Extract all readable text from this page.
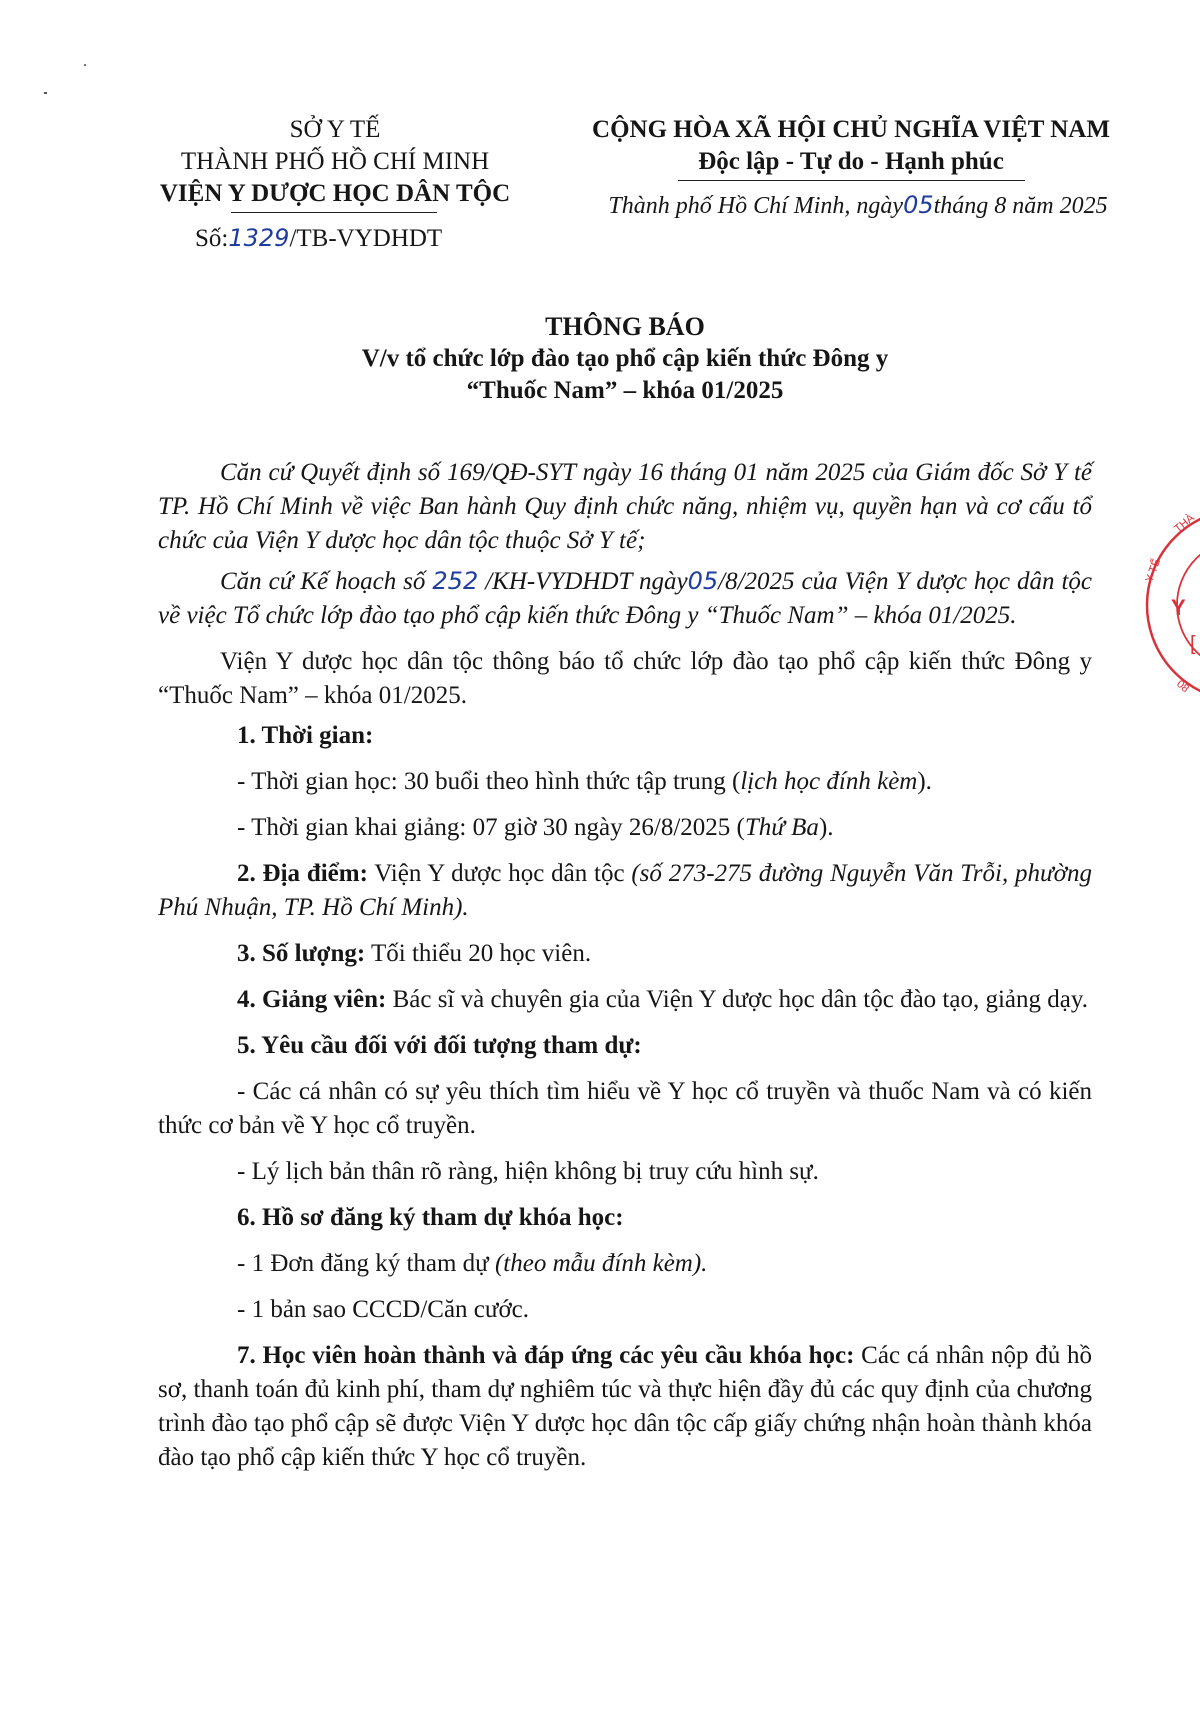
SỞ Y TẾ
THÀNH PHỐ HỒ CHÍ MINH
VIỆN Y DƯỢC HỌC DÂN TỘC
Số:1329/TB-VYDHDT
CỘNG HÒA XÃ HỘI CHỦ NGHĨA VIỆT NAM
Độc lập - Tự do - Hạnh phúc
Thành phố Hồ Chí Minh, ngày05tháng 8 năm 2025
THÔNG BÁO
V/v tổ chức lớp đào tạo phổ cập kiến thức Đông y
“Thuốc Nam” – khóa 01/2025
Căn cứ Quyết định số 169/QĐ-SYT ngày 16 tháng 01 năm 2025 của Giám đốc Sở Y tế TP. Hồ Chí Minh về việc Ban hành Quy định chức năng, nhiệm vụ, quyền hạn và cơ cấu tổ chức của Viện Y dược học dân tộc thuộc Sở Y tế;
Căn cứ Kế hoạch số 252 /KH-VYDHDT ngày05/8/2025 của Viện Y dược học dân tộc về việc Tổ chức lớp đào tạo phổ cập kiến thức Đông y “Thuốc Nam” – khóa 01/2025.
Viện Y dược học dân tộc thông báo tổ chức lớp đào tạo phổ cập kiến thức Đông y “Thuốc Nam” – khóa 01/2025.
1. Thời gian:
- Thời gian học: 30 buổi theo hình thức tập trung (lịch học đính kèm).
- Thời gian khai giảng: 07 giờ 30 ngày 26/8/2025 (Thứ Ba).
2. Địa điểm: Viện Y dược học dân tộc (số 273-275 đường Nguyễn Văn Trỗi, phường Phú Nhuận, TP. Hồ Chí Minh).
3. Số lượng: Tối thiểu 20 học viên.
4. Giảng viên: Bác sĩ và chuyên gia của Viện Y dược học dân tộc đào tạo, giảng dạy.
5. Yêu cầu đối với đối tượng tham dự:
- Các cá nhân có sự yêu thích tìm hiểu về Y học cổ truyền và thuốc Nam và có kiến thức cơ bản về Y học cổ truyền.
- Lý lịch bản thân rõ ràng, hiện không bị truy cứu hình sự.
6. Hồ sơ đăng ký tham dự khóa học:
- 1 Đơn đăng ký tham dự (theo mẫu đính kèm).
- 1 bản sao CCCD/Căn cước.
7. Học viên hoàn thành và đáp ứng các yêu cầu khóa học: Các cá nhân nộp đủ hồ sơ, thanh toán đủ kinh phí, tham dự nghiêm túc và thực hiện đầy đủ các quy định của chương trình đào tạo phổ cập sẽ được Viện Y dược học dân tộc cấp giấy chứng nhận hoàn thành khóa đào tạo phổ cập kiến thức Y học cổ truyền.
Y
[
Y TẾ
THÀ
08
